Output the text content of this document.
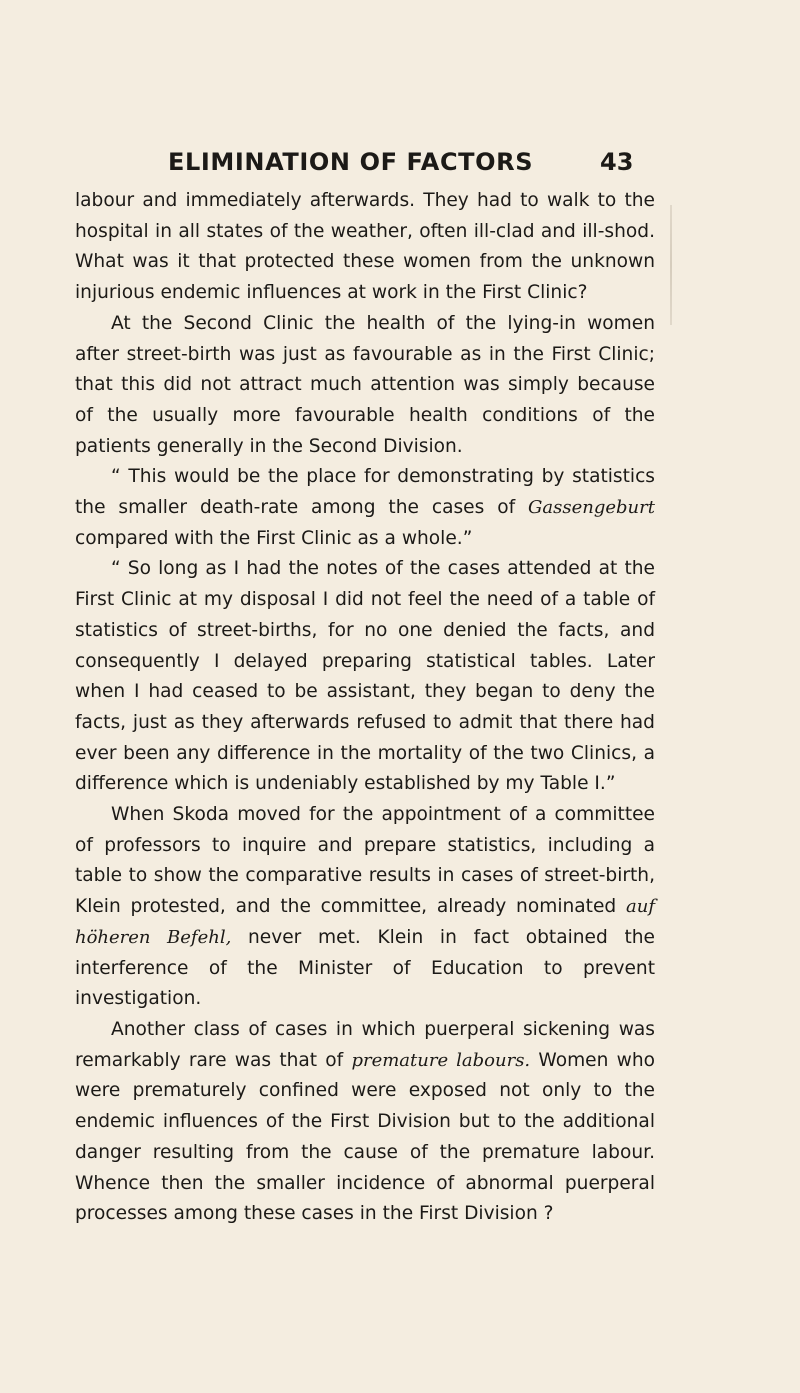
ELIMINATION OF FACTORS	43

labour and immediately afterwards. They had to walk to the hospital in all states of the weather, often ill-clad and ill-shod. What was it that protected these women from the unknown injurious endemic influences at work in the First Clinic?

At the Second Clinic the health of the lying-in women after street-birth was just as favourable as in the First Clinic; that this did not attract much attention was simply because of the usually more favourable health conditions of the patients generally in the Second Division.

“ This would be the place for demonstrating by statistics the smaller death-rate among the cases of Gassengeburt compared with the First Clinic as a whole.”

“ So long as I had the notes of the cases attended at the First Clinic at my disposal I did not feel the need of a table of statistics of street-births, for no one denied the facts, and consequently I delayed preparing statistical tables. Later when I had ceased to be assistant, they began to deny the facts, just as they afterwards refused to admit that there had ever been any difference in the mortality of the two Clinics, a difference which is undeniably established by my Table I.”

When Skoda moved for the appointment of a committee of professors to inquire and prepare statistics, including a table to show the comparative results in cases of street-birth, Klein protested, and the committee, already nominated auf höheren Befehl, never met. Klein in fact obtained the interference of the Minister of Education to prevent investigation.

Another class of cases in which puerperal sickening was remarkably rare was that of premature labours. Women who were prematurely confined were exposed not only to the endemic influences of the First Division but to the additional danger resulting from the cause of the premature labour. Whence then the smaller incidence of abnormal puerperal processes among these cases in the First Division ?
